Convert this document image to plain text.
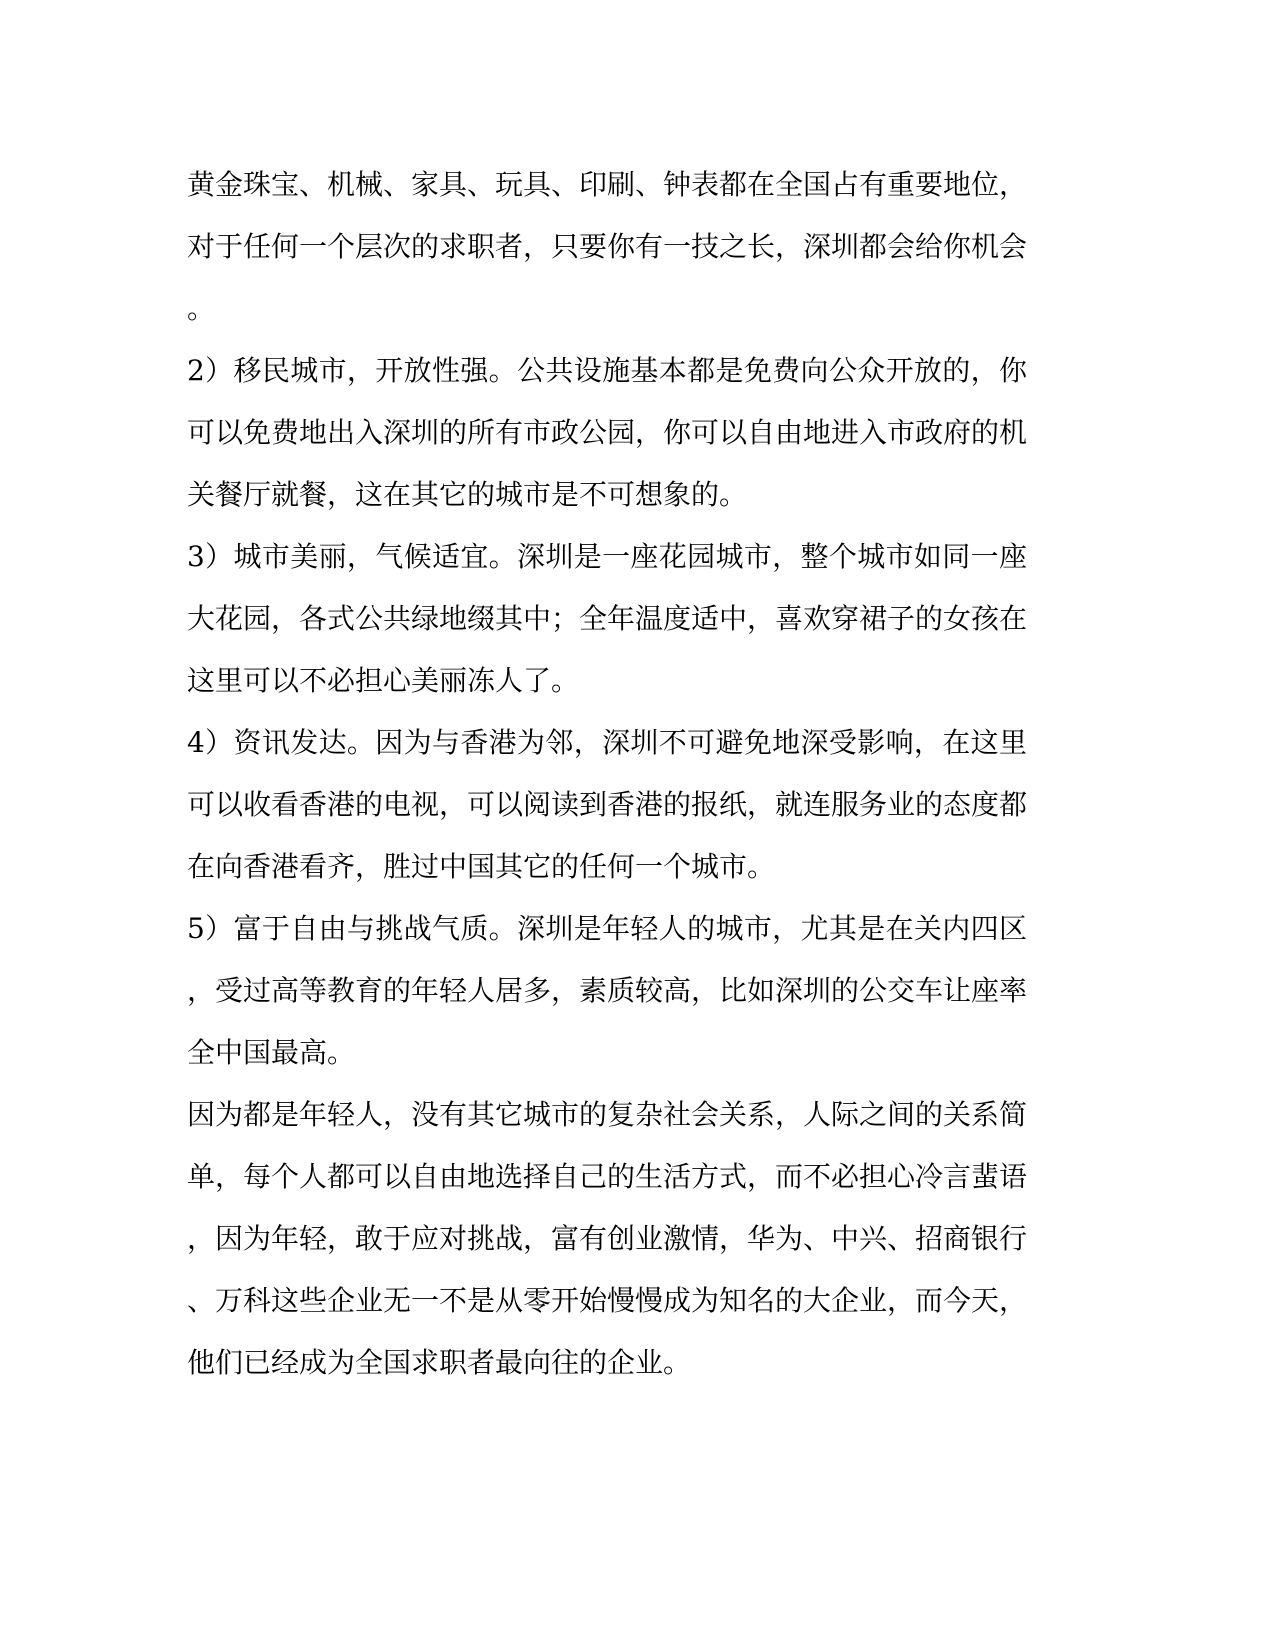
黄金珠宝、机械、家具、玩具、印刷、钟表都在全国占有重要地位，
对于任何一个层次的求职者，只要你有一技之长，深圳都会给你机会
。
2）移民城市，开放性强。公共设施基本都是免费向公众开放的，你
可以免费地出入深圳的所有市政公园，你可以自由地进入市政府的机
关餐厅就餐，这在其它的城市是不可想象的。
3）城市美丽，气候适宜。深圳是一座花园城市，整个城市如同一座
大花园，各式公共绿地缀其中；全年温度适中，喜欢穿裙子的女孩在
这里可以不必担心美丽冻人了。
4）资讯发达。因为与香港为邻，深圳不可避免地深受影响，在这里
可以收看香港的电视，可以阅读到香港的报纸，就连服务业的态度都
在向香港看齐，胜过中国其它的任何一个城市。
5）富于自由与挑战气质。深圳是年轻人的城市，尤其是在关内四区
，受过高等教育的年轻人居多，素质较高，比如深圳的公交车让座率
全中国最高。
因为都是年轻人，没有其它城市的复杂社会关系，人际之间的关系简
单，每个人都可以自由地选择自己的生活方式，而不必担心冷言蜚语
，因为年轻，敢于应对挑战，富有创业激情，华为、中兴、招商银行
、万科这些企业无一不是从零开始慢慢成为知名的大企业，而今天，
他们已经成为全国求职者最向往的企业。
